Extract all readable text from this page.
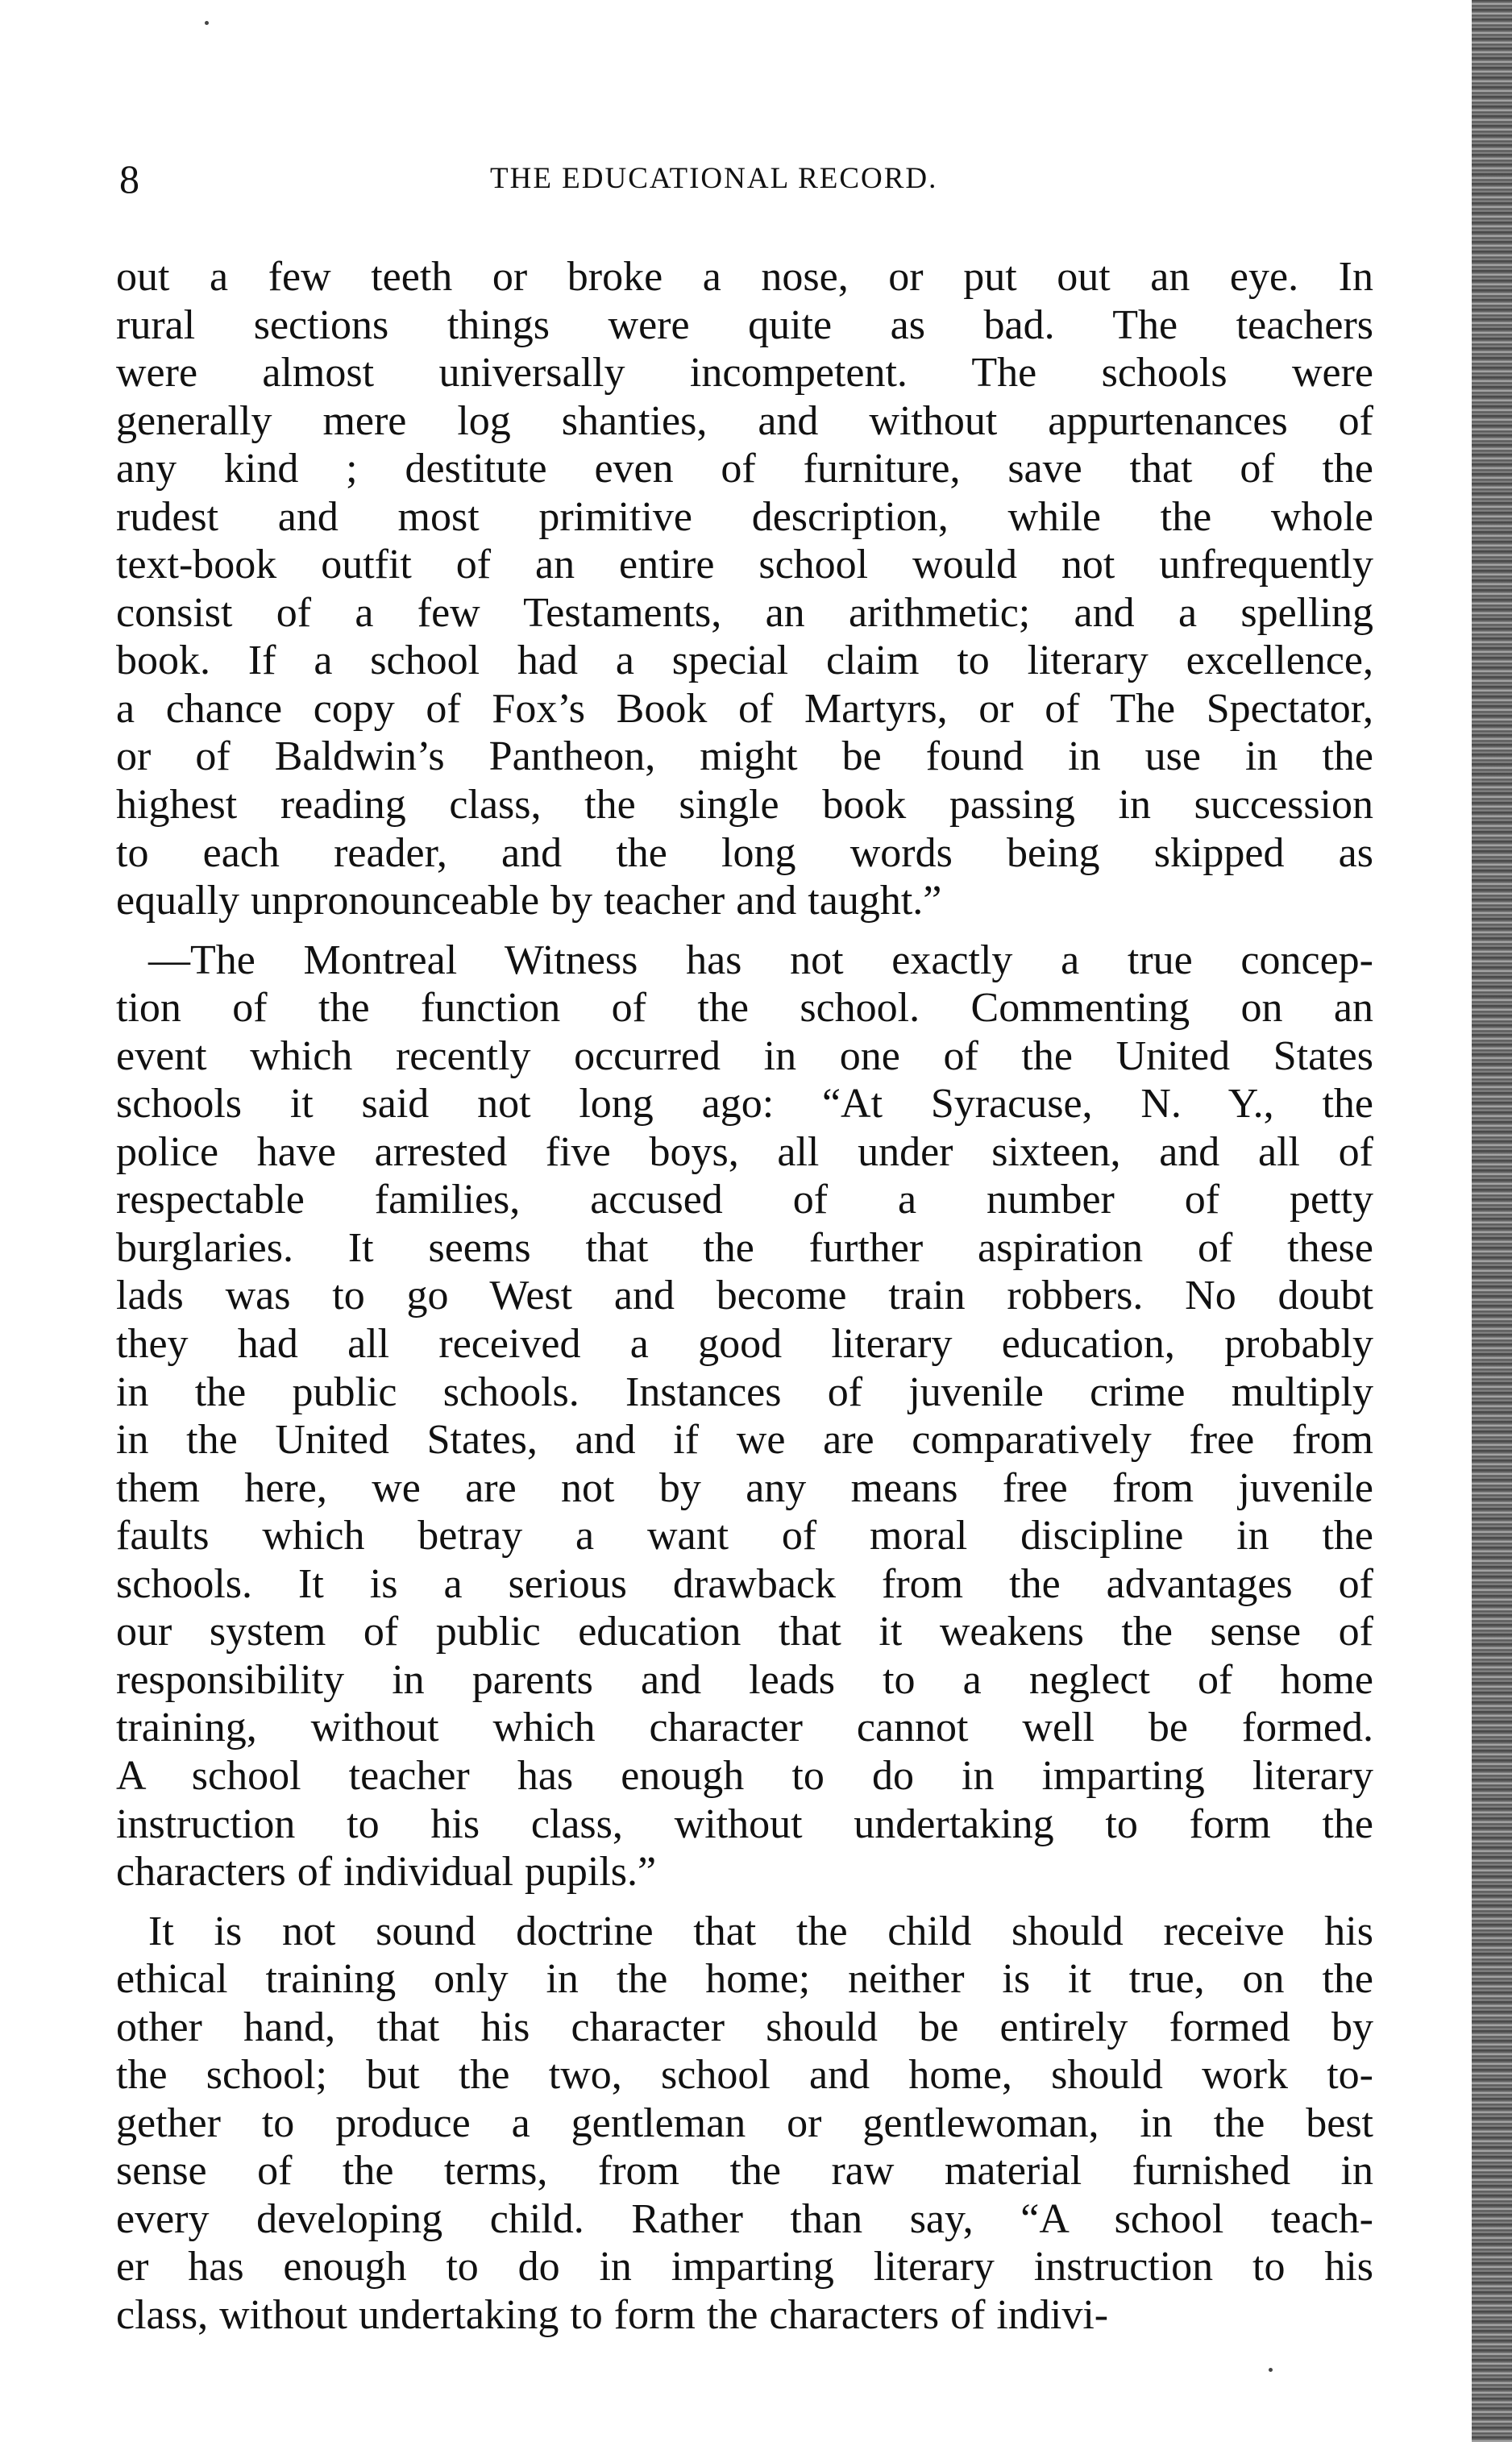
8	THE EDUCATIONAL RECORD.
out a few teeth or broke a nose, or put out an eye. In
rural sections things were quite as bad. The teachers
were almost universally incompetent. The schools were
generally mere log shanties, and without appurtenances of
any kind ; destitute even of furniture, save that of the
rudest and most primitive description, while the whole
text-book outfit of an entire school would not unfrequently
consist of a few Testaments, an arithmetic; and a spelling
book. If a school had a special claim to literary excellence,
a chance copy of Fox’s Book of Martyrs, or of The Spectator,
or of Baldwin’s Pantheon, might be found in use in the
highest reading class, the single book passing in succession
to each reader, and the long words being skipped as
equally unpronounceable by teacher and taught.”
—The Montreal Witness has not exactly a true concep-
tion of the function of the school. Commenting on an
event which recently occurred in one of the United States
schools it said not long ago: “At Syracuse, N. Y., the
police have arrested five boys, all under sixteen, and all of
respectable families, accused of a number of petty
burglaries. It seems that the further aspiration of these
lads was to go West and become train robbers. No doubt
they had all received a good literary education, probably
in the public schools. Instances of juvenile crime multiply
in the United States, and if we are comparatively free from
them here, we are not by any means free from juvenile
faults which betray a want of moral discipline in the
schools. It is a serious drawback from the advantages of
our system of public education that it weakens the sense of
responsibility in parents and leads to a neglect of home
training, without which character cannot well be formed.
A school teacher has enough to do in imparting literary
instruction to his class, without undertaking to form the
characters of individual pupils.”
It is not sound doctrine that the child should receive his
ethical training only in the home; neither is it true, on the
other hand, that his character should be entirely formed by
the school; but the two, school and home, should work to-
gether to produce a gentleman or gentlewoman, in the best
sense of the terms, from the raw material furnished in
every developing child. Rather than say, “A school teach-
er has enough to do in imparting literary instruction to his
class, without undertaking to form the characters of indivi-
